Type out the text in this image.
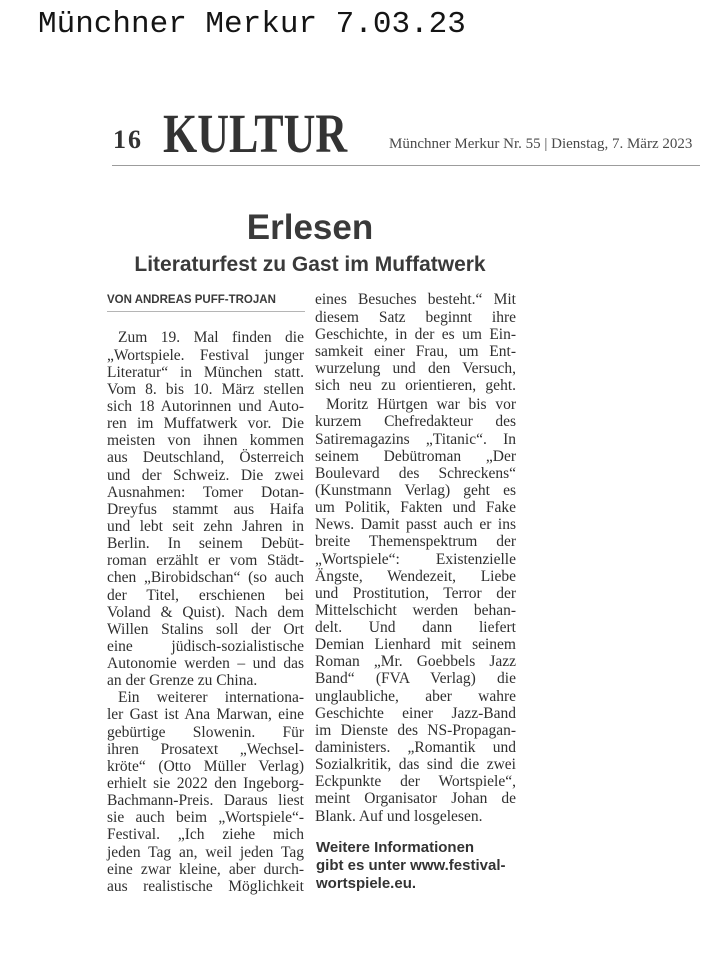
Münchner Merkur 7.03.23
16 KULTUR	Münchner Merkur Nr. 55 | Dienstag, 7. März 2023
Erlesen
Literaturfest zu Gast im Muffatwerk
VON ANDREAS PUFF-TROJAN
Zum 19. Mal finden die
„Wortspiele. Festival junger
Literatur“ in München statt.
Vom 8. bis 10. März stellen
sich 18 Autorinnen und Auto-
ren im Muffatwerk vor. Die
meisten von ihnen kommen
aus Deutschland, Österreich
und der Schweiz. Die zwei
Ausnahmen: Tomer Dotan-
Dreyfus stammt aus Haifa
und lebt seit zehn Jahren in
Berlin. In seinem Debüt-
roman erzählt er vom Städt-
chen „Birobidschan“ (so auch
der Titel, erschienen bei
Voland & Quist). Nach dem
Willen Stalins soll der Ort
eine jüdisch-sozialistische
Autonomie werden – und das
an der Grenze zu China.
Ein weiterer internationa-
ler Gast ist Ana Marwan, eine
gebürtige Slowenin. Für
ihren Prosatext „Wechsel-
kröte“ (Otto Müller Verlag)
erhielt sie 2022 den Ingeborg-
Bachmann-Preis. Daraus liest
sie auch beim „Wortspiele“-
Festival. „Ich ziehe mich
jeden Tag an, weil jeden Tag
eine zwar kleine, aber durch-
aus realistische Möglichkeit
eines Besuches besteht.“ Mit
diesem Satz beginnt ihre
Geschichte, in der es um Ein-
samkeit einer Frau, um Ent-
wurzelung und den Versuch,
sich neu zu orientieren, geht.
Moritz Hürtgen war bis vor
kurzem Chefredakteur des
Satiremagazins „Titanic“. In
seinem Debütroman „Der
Boulevard des Schreckens“
(Kunstmann Verlag) geht es
um Politik, Fakten und Fake
News. Damit passt auch er ins
breite Themenspektrum der
„Wortspiele“: Existenzielle
Ängste, Wendezeit, Liebe
und Prostitution, Terror der
Mittelschicht werden behan-
delt. Und dann liefert
Demian Lienhard mit seinem
Roman „Mr. Goebbels Jazz
Band“ (FVA Verlag) die
unglaubliche, aber wahre
Geschichte einer Jazz-Band
im Dienste des NS-Propagan-
daministers. „Romantik und
Sozialkritik, das sind die zwei
Eckpunkte der Wortspiele“,
meint Organisator Johan de
Blank. Auf und losgelesen.
Weitere Informationen
gibt es unter www.festival-
wortspiele.eu.
